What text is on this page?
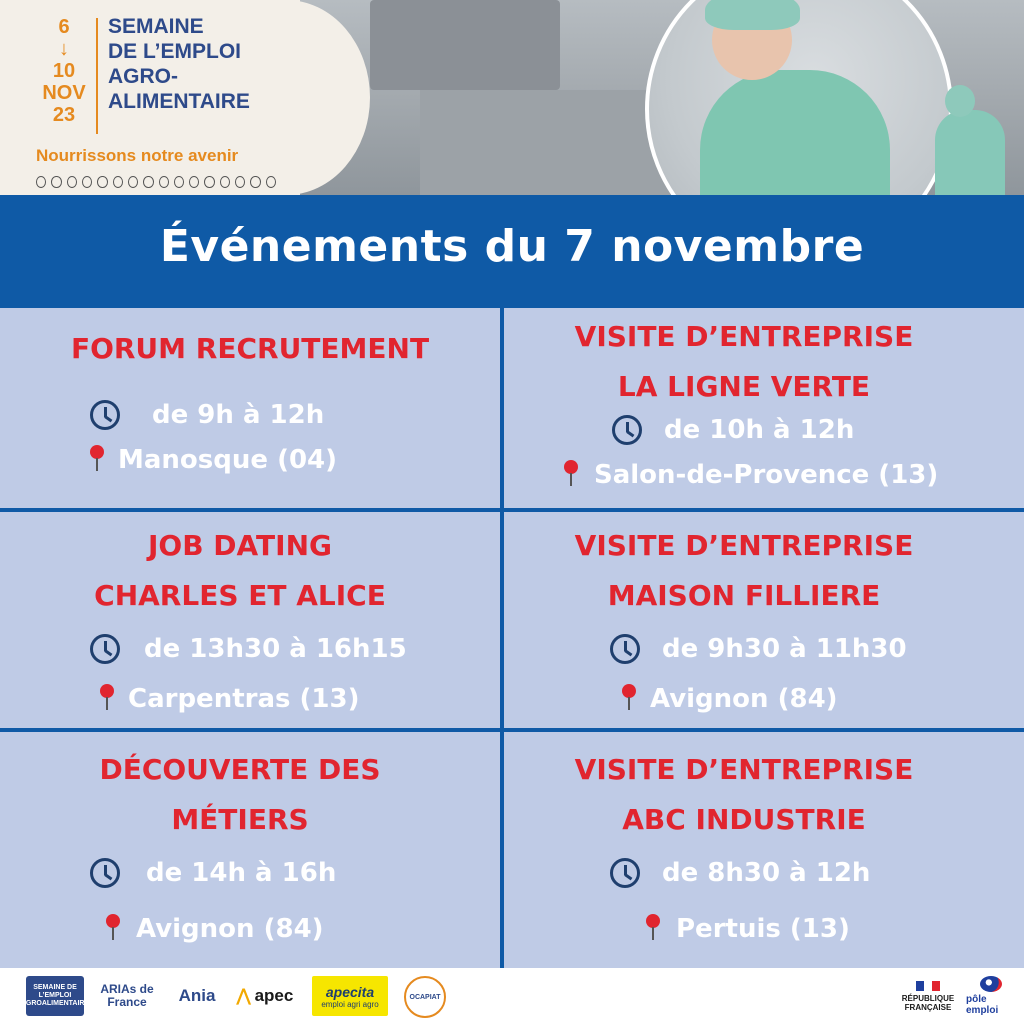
6
↓
10
NOV
23
SEMAINE
DE L’EMPLOI
AGRO-
ALIMENTAIRE
Nourrissons notre avenir
Événements du 7 novembre
FORUM RECRUTEMENT
de 9h à 12h
Manosque (04)
VISITE D’ENTREPRISE
LA LIGNE VERTE
de 10h à 12h
Salon-de-Provence (13)
JOB DATING
CHARLES ET ALICE
de 13h30 à 16h15
Carpentras (13)
VISITE D’ENTREPRISE
MAISON FILLIERE
de 9h30 à 11h30
Avignon (84)
DÉCOUVERTE DES
MÉTIERS
de 14h à 16h
Avignon (84)
VISITE D’ENTREPRISE
ABC INDUSTRIE
de 8h30 à 12h
Pertuis (13)
SEMAINE DE L’EMPLOI AGROALIMENTAIRE
ARIAs de France	Ania ⋀ apec apecita
emploi agri agro
OCAPIAT	RÉPUBLIQUE FRANÇAISE
pôle emploi
